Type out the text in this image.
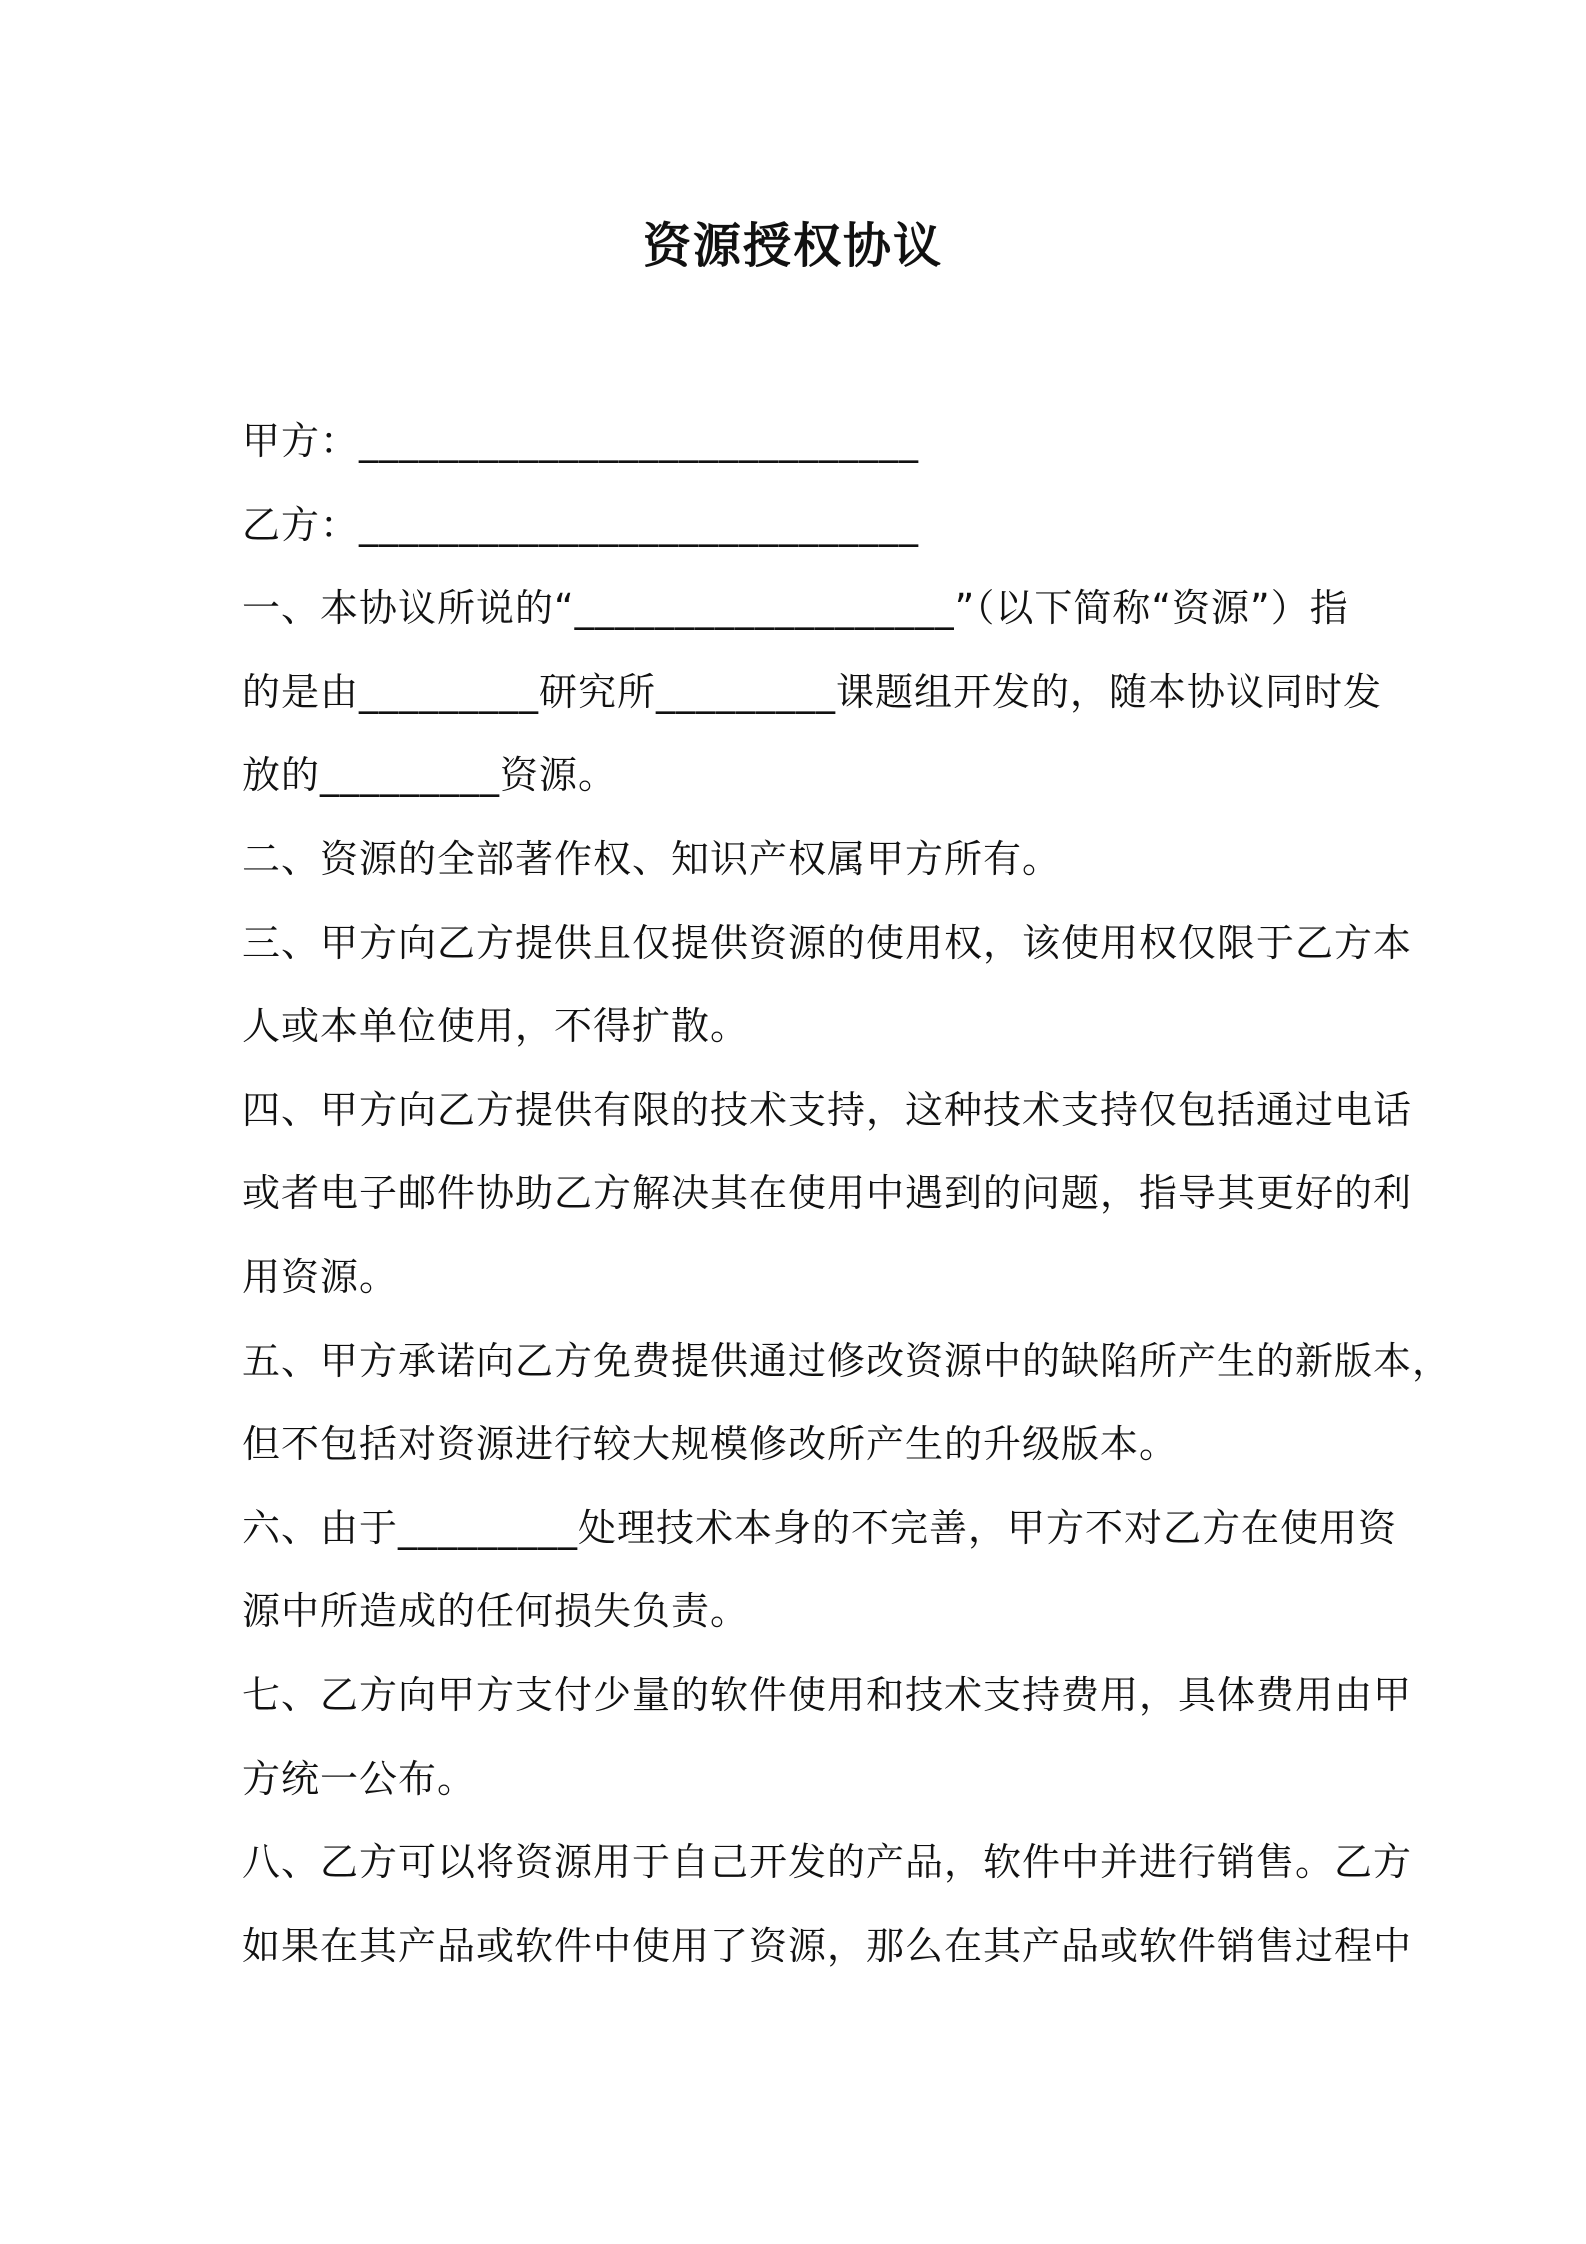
资源授权协议
甲方：____________________________
乙方：____________________________
一、本协议所说的“___________________”（以下简称“资源”）指
的是由_________研究所_________课题组开发的，随本协议同时发
放的_________资源。
二、资源的全部著作权、知识产权属甲方所有。
三、甲方向乙方提供且仅提供资源的使用权，该使用权仅限于乙方本
人或本单位使用，不得扩散。
四、甲方向乙方提供有限的技术支持，这种技术支持仅包括通过电话
或者电子邮件协助乙方解决其在使用中遇到的问题，指导其更好的利
用资源。
五、甲方承诺向乙方免费提供通过修改资源中的缺陷所产生的新版本，
但不包括对资源进行较大规模修改所产生的升级版本。
六、由于_________处理技术本身的不完善，甲方不对乙方在使用资
源中所造成的任何损失负责。
七、乙方向甲方支付少量的软件使用和技术支持费用，具体费用由甲
方统一公布。
八、乙方可以将资源用于自己开发的产品，软件中并进行销售。乙方
如果在其产品或软件中使用了资源，那么在其产品或软件销售过程中
